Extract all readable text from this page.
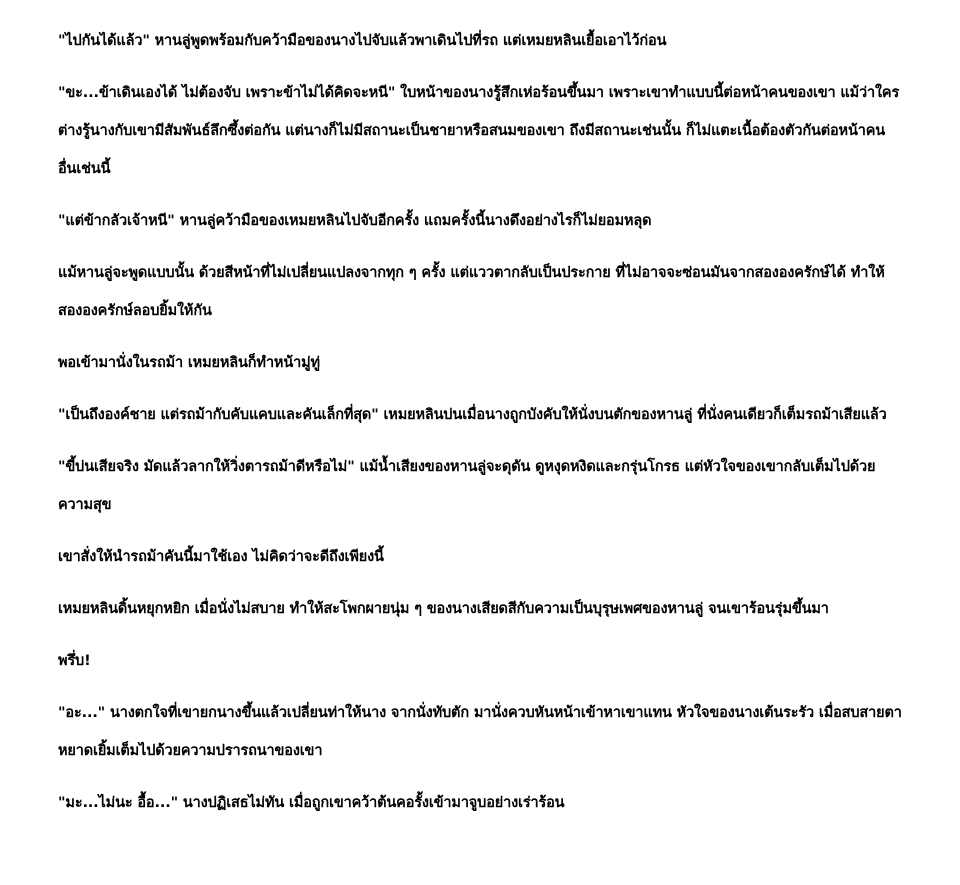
"ไปกันได้แล้ว" หานลู่พูดพร้อมกับคว้ามือของนางไปจับแล้วพาเดินไปที่รถ แต่เหมยหลินเยื้อเอาไว้ก่อน

"ขะ...ข้าเดินเองได้ ไม่ต้องจับ เพราะข้าไม่ได้คิดจะหนี" ใบหน้าของนางรู้สึกเห่อร้อนขึ้นมา เพราะเขาทำแบบนี้ต่อหน้าคนของเขา แม้ว่าใครต่างรู้นางกับเขามีสัมพันธ์ลึกซึ้งต่อกัน แต่นางก็ไม่มีสถานะเป็นชายาหรือสนมของเขา ถึงมีสถานะเช่นนั้น ก็ไม่แตะเนื้อต้องตัวกันต่อหน้าคนอื่นเช่นนี้

"แต่ข้ากลัวเจ้าหนี" หานลู่คว้ามือของเหมยหลินไปจับอีกครั้ง แถมครั้งนี้นางดึงอย่างไรก็ไม่ยอมหลุด

แม้หานลู่จะพูดแบบนั้น ด้วยสีหน้าที่ไม่เปลี่ยนแปลงจากทุก ๆ ครั้ง แต่แววตากลับเป็นประกาย ที่ไม่อาจจะซ่อนมันจากสององครักษ์ได้ ทำให้สององครักษ์ลอบยิ้มให้กัน

พอเข้ามานั่งในรถม้า เหมยหลินก็ทำหน้ามู่ทู่

"เป็นถึงองค์ชาย แต่รถม้ากับคับแคบและคันเล็กที่สุด" เหมยหลินบ่นเมื่อนางถูกบังคับให้นั่งบนตักของหานลู่ ที่นั่งคนเดียวก็เต็มรถม้าเสียแล้ว

"ขี้บ่นเสียจริง มัดแล้วลากให้วิ่งตารถม้าดีหรือไม่" แม้น้ำเสียงของหานลู่จะดุดัน ดูหงุดหงิดและกรุ่นโกรธ แต่หัวใจของเขากลับเต็มไปด้วยความสุข

เขาสั่งให้นำรถม้าคันนี้มาใช้เอง ไม่คิดว่าจะดีถึงเพียงนี้

เหมยหลินดิ้นหยุกหยิก เมื่อนั่งไม่สบาย ทำให้สะโพกผายนุ่ม ๆ ของนางเสียดสีกับความเป็นบุรุษเพศของหานลู่ จนเขาร้อนรุ่มขึ้นมา

พรึ่บ!

"อะ..." นางตกใจที่เขายกนางขึ้นแล้วเปลี่ยนท่าให้นาง จากนั่งทับตัก มานั่งควบหันหน้าเข้าหาเขาแทน หัวใจของนางเต้นระรัว เมื่อสบสายตาหยาดเยิ้มเต็มไปด้วยความปรารถนาของเขา

"มะ...ไม่นะ อื้อ..." นางปฏิเสธไม่ทัน เมื่อถูกเขาคว้าต้นคอรั้งเข้ามาจูบอย่างเร่าร้อน
